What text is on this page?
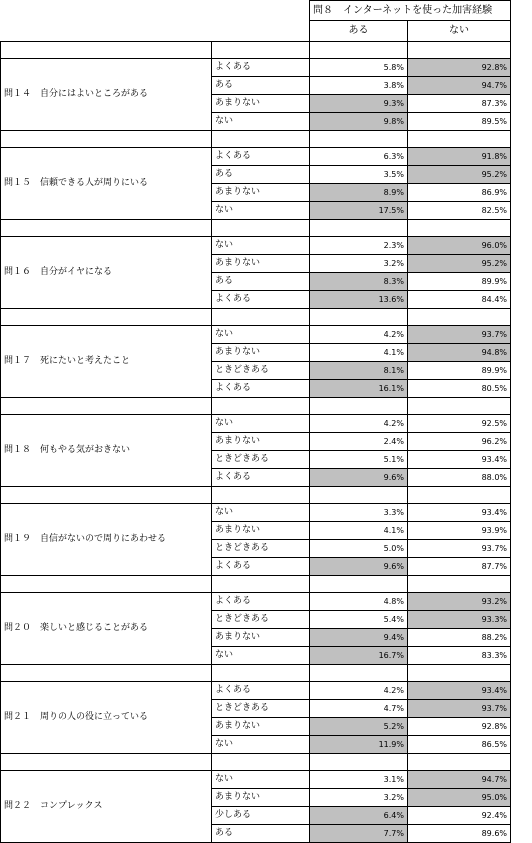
		問８　インターネットを使った加害経験	
		ある	ない

問１４　自分にはよいところがある	よくある	5.8%	92.8%
	ある	3.8%	94.7%
	あまりない	9.3%	87.3%
	ない	9.8%	89.5%

問１５　信頼できる人が周りにいる	よくある	6.3%	91.8%
	ある	3.5%	95.2%
	あまりない	8.9%	86.9%
	ない	17.5%	82.5%

問１６　自分がイヤになる	ない	2.3%	96.0%
	あまりない	3.2%	95.2%
	ある	8.3%	89.9%
	よくある	13.6%	84.4%

問１７　死にたいと考えたこと	ない	4.2%	93.7%
	あまりない	4.1%	94.8%
	ときどきある	8.1%	89.9%
	よくある	16.1%	80.5%

問１８　何もやる気がおきない	ない	4.2%	92.5%
	あまりない	2.4%	96.2%
	ときどきある	5.1%	93.4%
	よくある	9.6%	88.0%

問１９　自信がないので周りにあわせる	ない	3.3%	93.4%
	あまりない	4.1%	93.9%
	ときどきある	5.0%	93.7%
	よくある	9.6%	87.7%

問２０　楽しいと感じることがある	よくある	4.8%	93.2%
	ときどきある	5.4%	93.3%
	あまりない	9.4%	88.2%
	ない	16.7%	83.3%

問２１　周りの人の役に立っている	よくある	4.2%	93.4%
	ときどきある	4.7%	93.7%
	あまりない	5.2%	92.8%
	ない	11.9%	86.5%

問２２　コンプレックス	ない	3.1%	94.7%
	あまりない	3.2%	95.0%
	少しある	6.4%	92.4%
	ある	7.7%	89.6%
